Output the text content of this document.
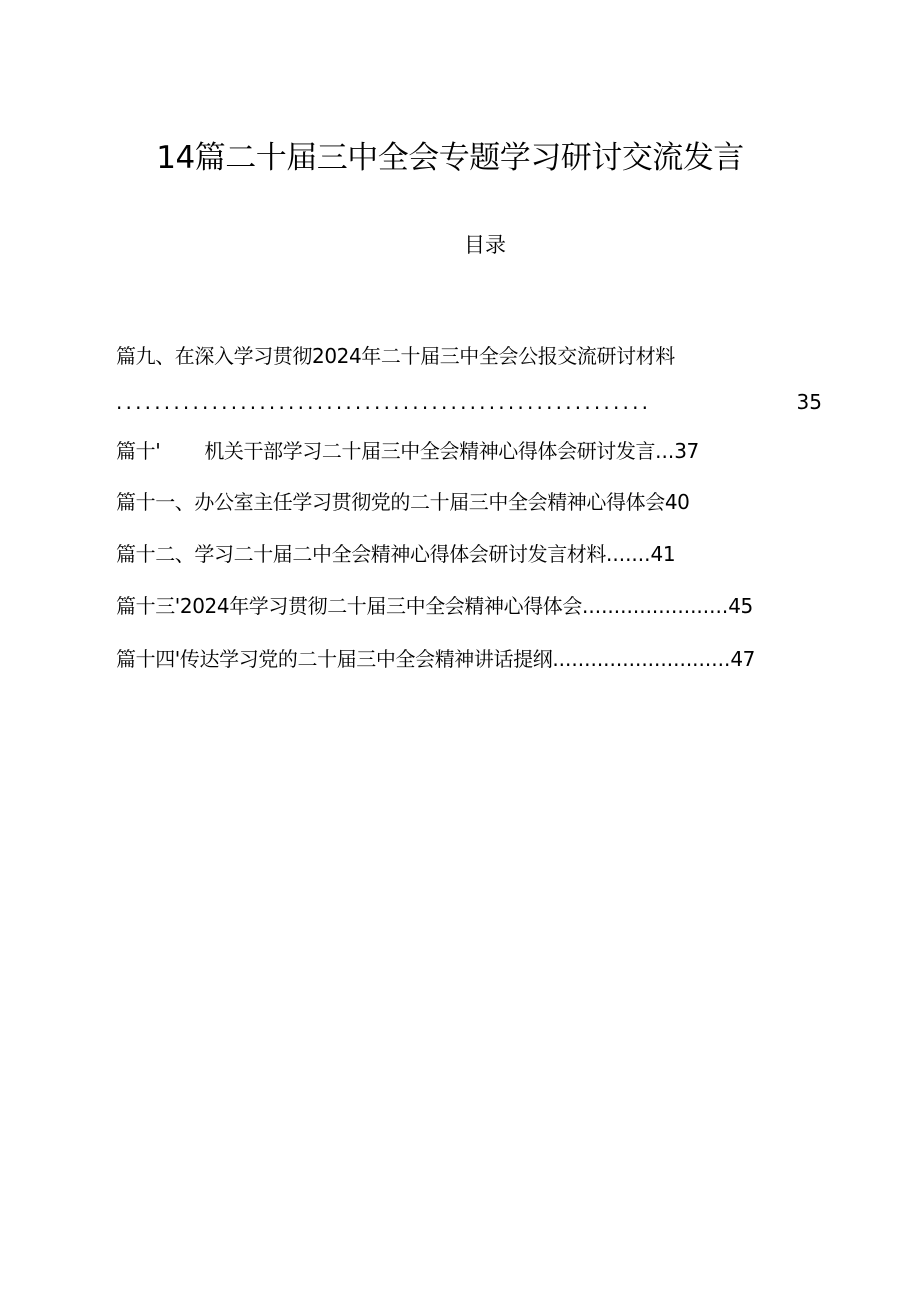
14篇二十届三中全会专题学习研讨交流发言
目录
篇九、在深入学习贯彻2024年二十届三中全会公报交流研讨材料
........................................................	35
篇十' 机关干部学习二十届三中全会精神心得体会研讨发言...37
篇十一、办公室主任学习贯彻党的二十届三中全会精神心得体会40
篇十二、学习二十届二中全会精神心得体会研讨发言材料.......41
篇十三'2024年学习贯彻二十届三中全会精神心得体会.......................45
篇十四'传达学习党的二十届三中全会精神讲话提纲............................47
